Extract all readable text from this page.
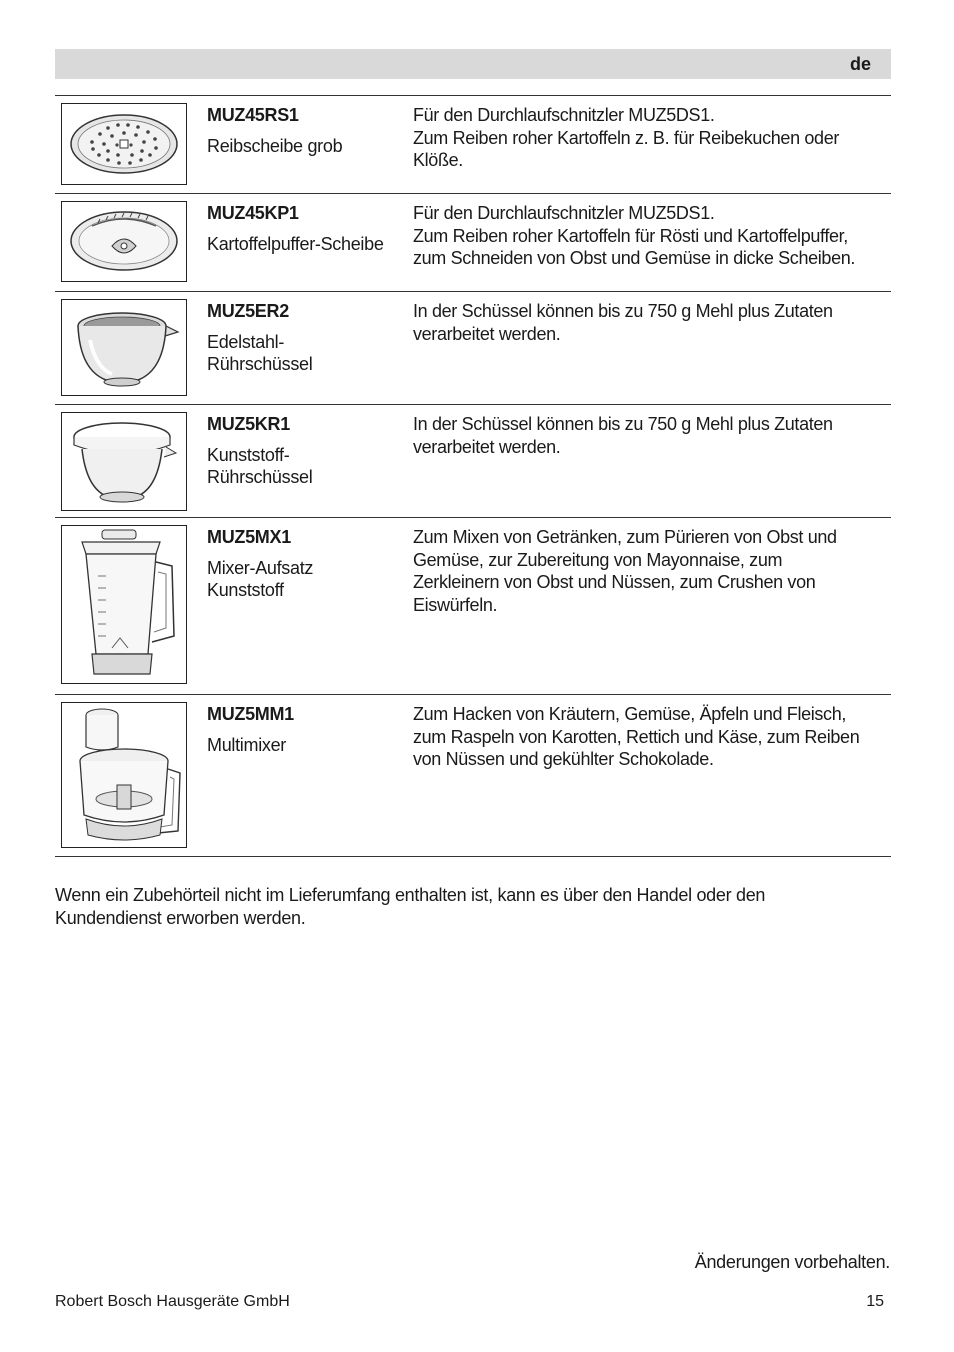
de
MUZ45RS1
Reibscheibe grob
Für den Durchlaufschnitzler MUZ5DS1.
Zum Reiben roher Kartoffeln z. B. für Reibekuchen oder
Klöße.
MUZ45KP1
Kartoffelpuffer-Scheibe
Für den Durchlaufschnitzler MUZ5DS1.
Zum Reiben roher Kartoffeln für Rösti und Kartoffelpuffer,
zum Schneiden von Obst und Gemüse in dicke Scheiben.
MUZ5ER2
Edelstahl-
Rührschüssel
In der Schüssel können bis zu 750 g Mehl plus Zutaten
verarbeitet werden.
MUZ5KR1
Kunststoff-
Rührschüssel
In der Schüssel können bis zu 750 g Mehl plus Zutaten
verarbeitet werden.
MUZ5MX1
Mixer-Aufsatz
Kunststoff
Zum Mixen von Getränken, zum Pürieren von Obst und
Gemüse, zur Zubereitung von Mayonnaise, zum
Zerkleinern von Obst und Nüssen, zum Crushen von
Eiswürfeln.
MUZ5MM1
Multimixer
Zum Hacken von Kräutern, Gemüse, Äpfeln und Fleisch,
zum Raspeln von Karotten, Rettich und Käse, zum Reiben
von Nüssen und gekühlter Schokolade.
Wenn ein Zubehörteil nicht im Lieferumfang enthalten ist, kann es über den Handel oder den
Kundendienst erworben werden.
Änderungen vorbehalten.
Robert Bosch Hausgeräte GmbH	15
